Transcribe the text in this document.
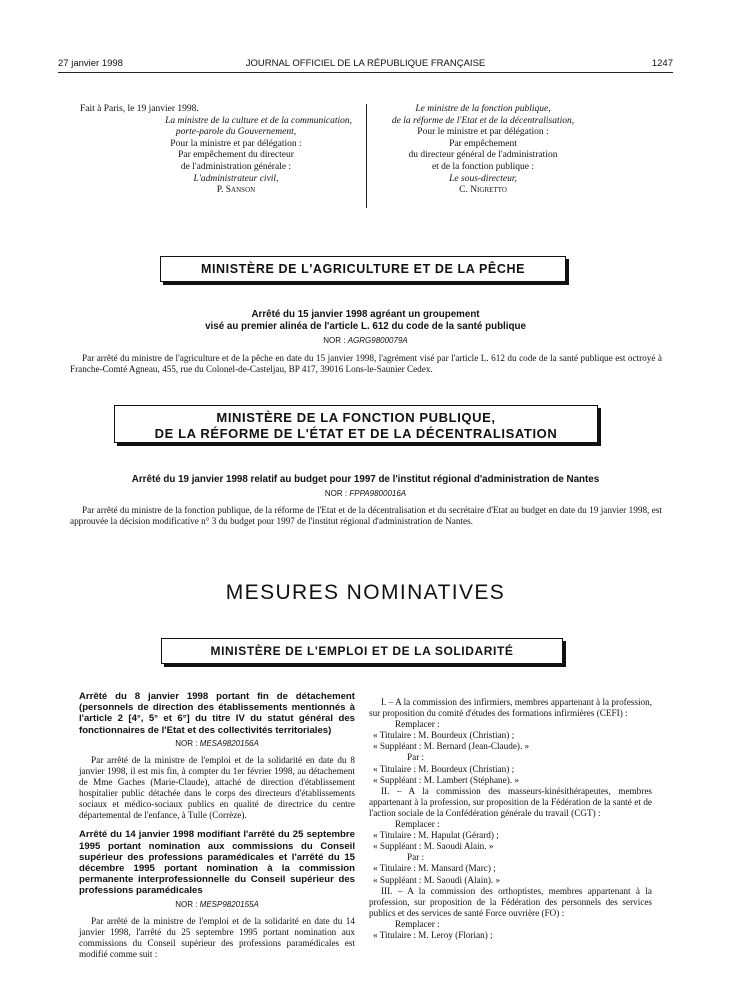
27 janvier 1998	JOURNAL OFFICIEL DE LA RÉPUBLIQUE FRANÇAISE	1247
Fait à Paris, le 19 janvier 1998.
La ministre de la culture et de la communication,
porte-parole du Gouvernement,
Pour la ministre et par délégation :
Par empêchement du directeur
de l'administration générale :
L'administrateur civil,
P. Sanson
Le ministre de la fonction publique,
de la réforme de l'Etat et de la décentralisation,
Pour le ministre et par délégation :
Par empêchement
du directeur général de l'administration
et de la fonction publique :
Le sous-directeur,
C. Nigretto
MINISTÈRE DE L'AGRICULTURE ET DE LA PÊCHE
Arrêté du 15 janvier 1998 agréant un groupement
visé au premier alinéa de l'article L. 612 du code de la santé publique
NOR : AGRG9800079A
Par arrêté du ministre de l'agriculture et de la pêche en date du 15 janvier 1998, l'agrément visé par l'article L. 612 du code de la santé publique est octroyé à Franche-Comté Agneau, 455, rue du Colonel-de-Casteljau, BP 417, 39016 Lons-le-Saunier Cedex.
MINISTÈRE DE LA FONCTION PUBLIQUE,
DE LA RÉFORME DE L'ÉTAT ET DE LA DÉCENTRALISATION
Arrêté du 19 janvier 1998 relatif au budget pour 1997 de l'institut régional d'administration de Nantes
NOR : FPPA9800016A
Par arrêté du ministre de la fonction publique, de la réforme de l'Etat et de la décentralisation et du secrétaire d'Etat au budget en date du 19 janvier 1998, est approuvée la décision modificative n° 3 du budget pour 1997 de l'institut régional d'administration de Nantes.
MESURES NOMINATIVES
MINISTÈRE DE L'EMPLOI ET DE LA SOLIDARITÉ

Arrêté du 8 janvier 1998 portant fin de détachement (personnels de direction des établissements mentionnés à l'article 2 [4°, 5° et 6°] du titre IV du statut général des fonctionnaires de l'Etat et des collectivités territoriales)

NOR : MESA9820156A

Par arrêté de la ministre de l'emploi et de la solidarité en date du 8 janvier 1998, il est mis fin, à compter du 1er février 1998, au détachement de Mme Gaches (Marie-Claude), attaché de direction d'établissement hospitalier public détachée dans le corps des directeurs d'établissements sociaux et médico-sociaux publics en qualité de directrice du centre départemental de l'enfance, à Tulle (Corrèze).

Arrêté du 14 janvier 1998 modifiant l'arrêté du 25 septembre 1995 portant nomination aux commissions du Conseil supérieur des professions paramédicales et l'arrêté du 15 décembre 1995 portant nomination à la commission permanente interprofessionnelle du Conseil supérieur des professions paramédicales

NOR : MESP9820155A

Par arrêté de la ministre de l'emploi et de la solidarité en date du 14 janvier 1998, l'arrêté du 25 septembre 1995 portant nomination aux commissions du Conseil supérieur des professions paramédicales est modifié comme suit :

I. – A la commission des infirmiers, membres appartenant à la profession, sur proposition du comité d'études des formations infirmières (CEFI) :

Remplacer :

« Titulaire : M. Bourdeux (Christian) ;

« Suppléant : M. Bernard (Jean-Claude). »

Par :

« Titulaire : M. Bourdeux (Christian) ;

« Suppléant : M. Lambert (Stéphane). »

II. – A la commission des masseurs-kinésithérapeutes, membres appartenant à la profession, sur proposition de la Fédération de la santé et de l'action sociale de la Confédération générale du travail (CGT) :

Remplacer :

« Titulaire : M. Hapulat (Gérard) ;

« Suppléant : M. Saoudi Alain. »

Par :

« Titulaire : M. Mansard (Marc) ;

« Suppléant : M. Saoudi (Alain). »

III. – A la commission des orthoptistes, membres appartenant à la profession, sur proposition de la Fédération des personnels des services publics et des services de santé Force ouvrière (FO) :

Remplacer :

« Titulaire : M. Leroy (Florian) ;
